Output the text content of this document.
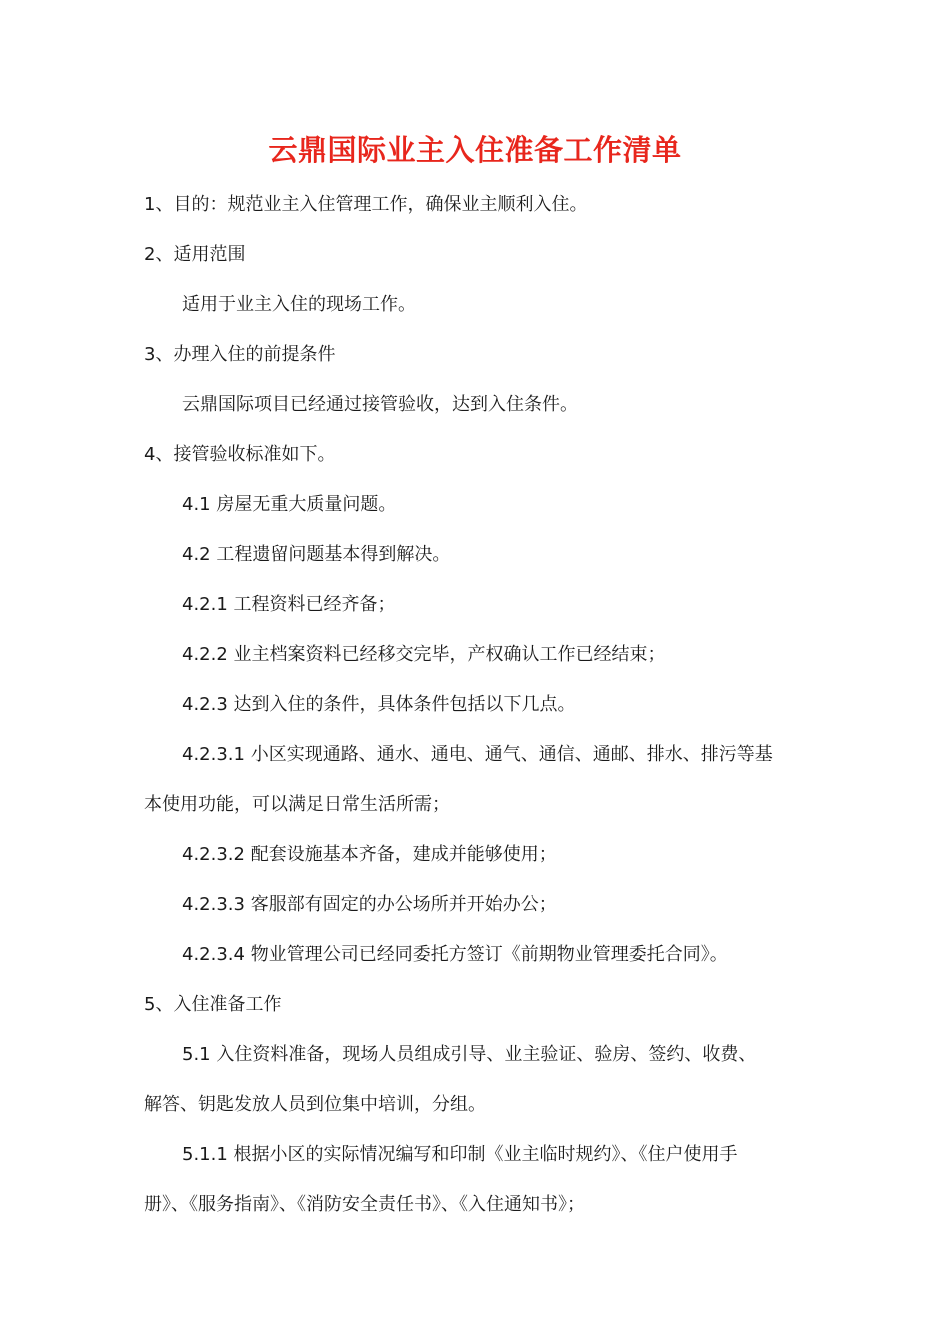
云鼎国际业主入住准备工作清单
1、目的：规范业主入住管理工作，确保业主顺利入住。
2、适用范围
适用于业主入住的现场工作。
3、办理入住的前提条件
云鼎国际项目已经通过接管验收，达到入住条件。
4、接管验收标准如下。
4.1 房屋无重大质量问题。
4.2 工程遗留问题基本得到解决。
4.2.1 工程资料已经齐备；
4.2.2 业主档案资料已经移交完毕，产权确认工作已经结束；
4.2.3 达到入住的条件，具体条件包括以下几点。
4.2.3.1 小区实现通路、通水、通电、通气、通信、通邮、排水、排污等基
本使用功能，可以满足日常生活所需；
4.2.3.2 配套设施基本齐备，建成并能够使用；
4.2.3.3 客服部有固定的办公场所并开始办公；
4.2.3.4 物业管理公司已经同委托方签订《前期物业管理委托合同》。
5、入住准备工作
5.1 入住资料准备，现场人员组成引导、业主验证、验房、签约、收费、
解答、钥匙发放人员到位集中培训，分组。
5.1.1 根据小区的实际情况编写和印制《业主临时规约》、《住户使用手
册》、《服务指南》、《消防安全责任书》、《入住通知书》；
